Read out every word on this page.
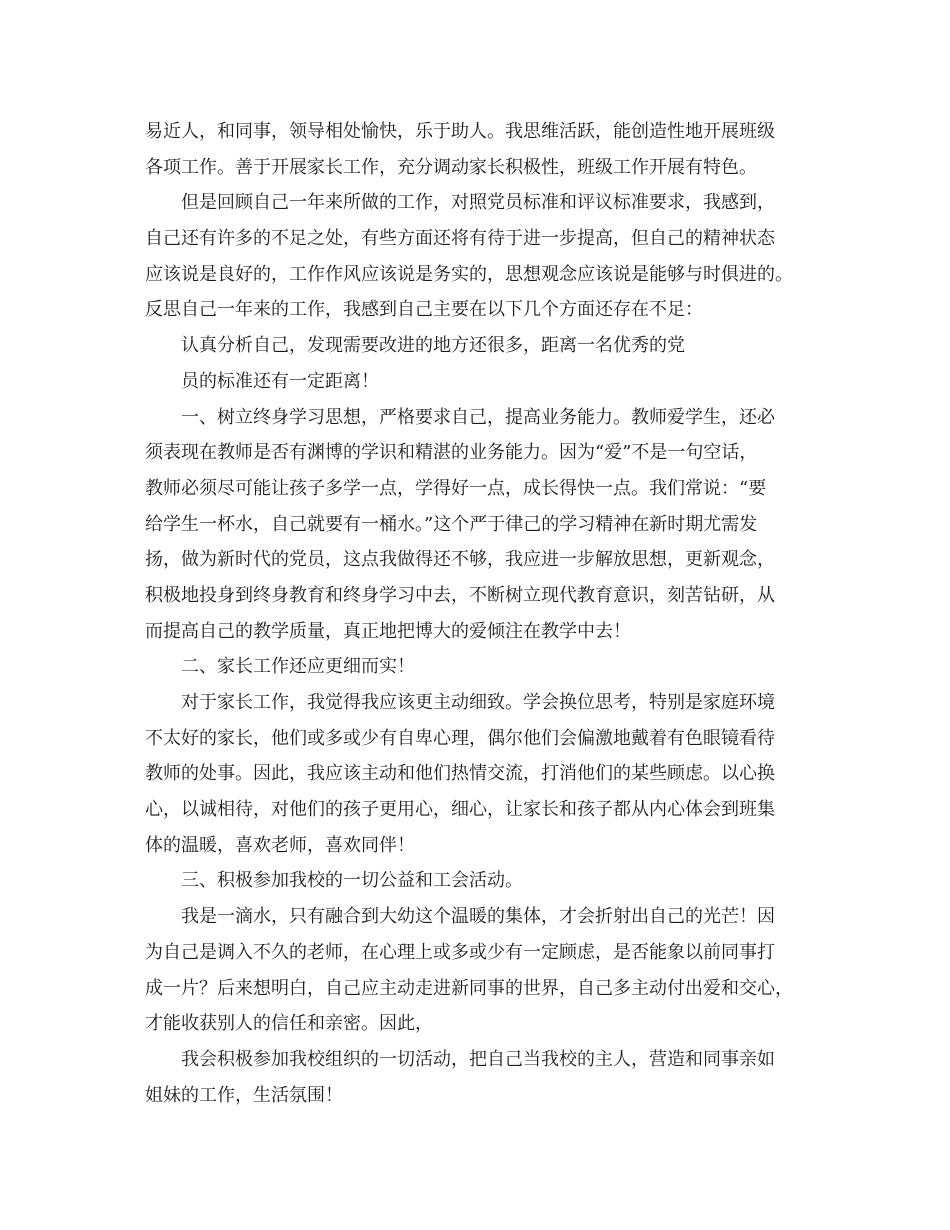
易近人，和同事，领导相处愉快，乐于助人。我思维活跃，能创造性地开展班级
各项工作。善于开展家长工作，充分调动家长积极性，班级工作开展有特色。
但是回顾自己一年来所做的工作，对照党员标准和评议标准要求，我感到，
自己还有许多的不足之处，有些方面还将有待于进一步提高，但自己的精神状态
应该说是良好的，工作作风应该说是务实的，思想观念应该说是能够与时俱进的。
反思自己一年来的工作，我感到自己主要在以下几个方面还存在不足：
认真分析自己，发现需要改进的地方还很多，距离一名优秀的党
员的标准还有一定距离！
一、树立终身学习思想，严格要求自己，提高业务能力。教师爱学生，还必
须表现在教师是否有渊博的学识和精湛的业务能力。因为“爱”不是一句空话，
教师必须尽可能让孩子多学一点，学得好一点，成长得快一点。我们常说：“要
给学生一杯水，自己就要有一桶水。”这个严于律己的学习精神在新时期尤需发
扬，做为新时代的党员，这点我做得还不够，我应进一步解放思想，更新观念，
积极地投身到终身教育和终身学习中去，不断树立现代教育意识，刻苦钻研，从
而提高自己的教学质量，真正地把博大的爱倾注在教学中去！
二、家长工作还应更细而实！
对于家长工作，我觉得我应该更主动细致。学会换位思考，特别是家庭环境
不太好的家长，他们或多或少有自卑心理，偶尔他们会偏激地戴着有色眼镜看待
教师的处事。因此，我应该主动和他们热情交流，打消他们的某些顾虑。以心换
心，以诚相待，对他们的孩子更用心，细心，让家长和孩子都从内心体会到班集
体的温暖，喜欢老师，喜欢同伴！
三、积极参加我校的一切公益和工会活动。
我是一滴水，只有融合到大幼这个温暖的集体，才会折射出自己的光芒！因
为自己是调入不久的老师，在心理上或多或少有一定顾虑，是否能象以前同事打
成一片？后来想明白，自己应主动走进新同事的世界，自己多主动付出爱和交心，
才能收获别人的信任和亲密。因此，
我会积极参加我校组织的一切活动，把自己当我校的主人，营造和同事亲如
姐妹的工作，生活氛围！
